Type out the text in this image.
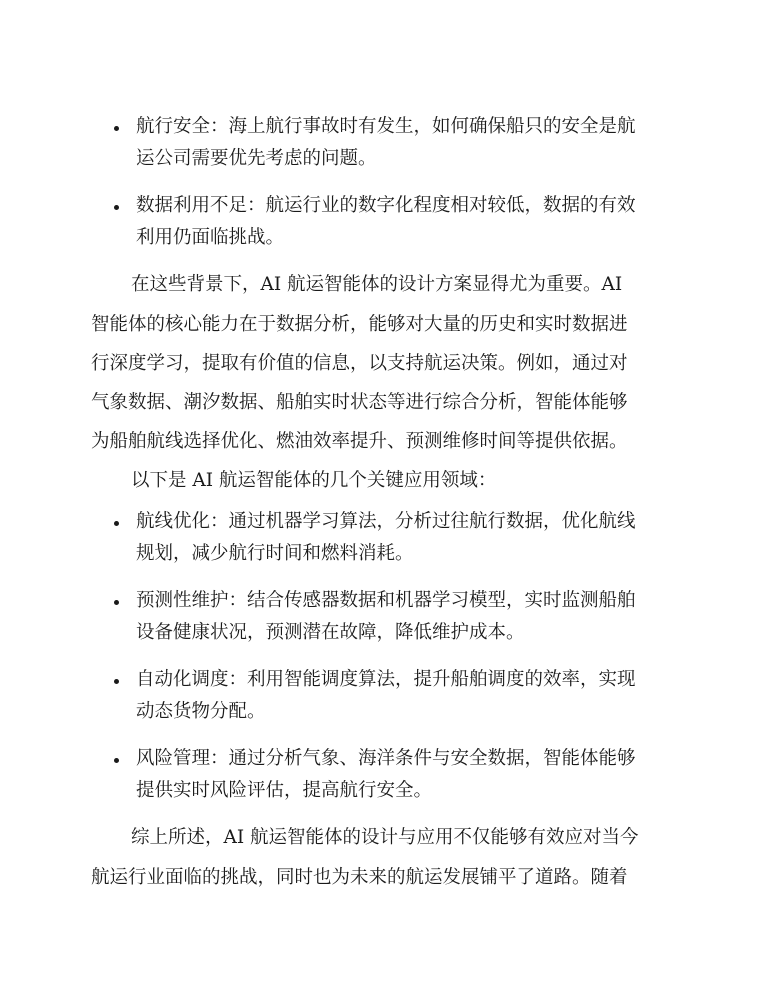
航行安全：海上航行事故时有发生，如何确保船只的安全是航
运公司需要优先考虑的问题。
数据利用不足：航运行业的数字化程度相对较低，数据的有效
利用仍面临挑战。
在这些背景下，AI 航运智能体的设计方案显得尤为重要。AI
智能体的核心能力在于数据分析，能够对大量的历史和实时数据进
行深度学习，提取有价值的信息，以支持航运决策。例如，通过对
气象数据、潮汐数据、船舶实时状态等进行综合分析，智能体能够
为船舶航线选择优化、燃油效率提升、预测维修时间等提供依据。
以下是 AI 航运智能体的几个关键应用领域：
航线优化：通过机器学习算法，分析过往航行数据，优化航线
规划，减少航行时间和燃料消耗。
预测性维护：结合传感器数据和机器学习模型，实时监测船舶
设备健康状况，预测潜在故障，降低维护成本。
自动化调度：利用智能调度算法，提升船舶调度的效率，实现
动态货物分配。
风险管理：通过分析气象、海洋条件与安全数据，智能体能够
提供实时风险评估，提高航行安全。
综上所述，AI 航运智能体的设计与应用不仅能够有效应对当今
航运行业面临的挑战，同时也为未来的航运发展铺平了道路。随着
